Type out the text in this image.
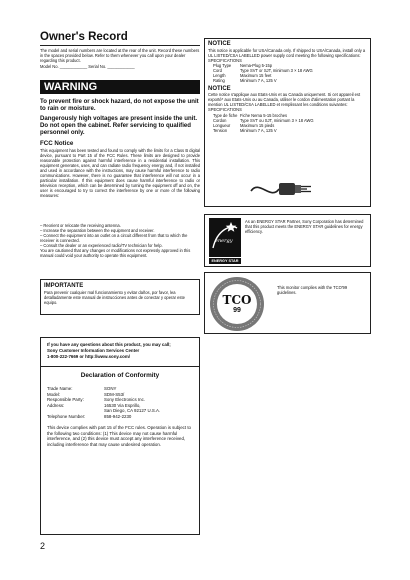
Owner's Record
The model and serial numbers are located at the rear of the unit. Record these numbers in the spaces provided below. Refer to them whenever you call upon your dealer regarding this product.
Model No. ____________ Serial No. ____________
WARNING
To prevent fire or shock hazard, do not expose the unit to rain or moisture.
Dangerously high voltages are present inside the unit. Do not open the cabinet. Refer servicing to qualified personnel only.
FCC Notice
This equipment has been tested and found to comply with the limits for a Class B digital device, pursuant to Part 15 of the FCC Rules. These limits are designed to provide reasonable protection against harmful interference in a residential installation. This equipment generates, uses, and can radiate radio frequency energy and, if not installed and used in accordance with the instructions, may cause harmful interference to radio communications. However, there is no guarantee that interference will not occur in a particular installation. If this equipment does cause harmful interference to radio or television reception, which can be determined by turning the equipment off and on, the user is encouraged to try to correct the interference by one or more of the following measures:
– Reorient or relocate the receiving antenna.
– Increase the separation between the equipment and receiver.
– Connect the equipment into an outlet on a circuit different from that to which the receiver is connected.
– Consult the dealer or an experienced radio/TV technician for help.
You are cautioned that any changes or modifications not expressly approved in this manual could void your authority to operate this equipment.
IMPORTANTE
Para prevenir cualquier mal funcionamiento y evitar daños, por favor, lea detalladamente este manual de instrucciones antes de conectar y operar este equipo.
NOTICE
This notice is applicable for USA/Canada only. If shipped to USA/Canada, install only a UL LISTED/CSA LABELLED power supply cord meeting the following specifications:
SPECIFICATIONS
Plug Type	Nema-Plug 5-15p
Cord	Type SVT or SJT, minimum 3 × 18 AWG
Length	Maximum 15 feet
Rating	Minimum 7 A, 125 V
NOTICE
Cette notice s'applique aux Etats-Unis et au Canada uniquement. Si cet appareil est exporté* aux Etats-Unis ou au Canada, utiliser le cordon d'alimentation portant la mention UL LISTED/CSA LABELLED et remplissant les conditions suivantes:
SPECIFICATIONS
Type de fiche Fiche Nema 5-15 broches
Cordon	Type SVT ou SJT, minimum 3 × 18 AWG
Longueur	Maximum 15 pieds
Tension	Minimum 7 A, 125 V
energy
ENERGY STAR
As an ENERGY STAR Partner, Sony Corporation has determined that this product meets the ENERGY STAR guidelines for energy efficiency.
TCO
99
This monitor complies with the TCO'99 guidelines.
If you have any questions about this product, you may call;
Sony Customer Information Services Center
1-800-222-7669 or http://www.sony.com/
Declaration of Conformity
Trade Name:	SONY
Model:	SDM-S53/
Responsible Party:	Sony Electronics Inc.
Address:	16530 Via Esprillo,
San Diego, CA 92127 U.S.A.
Telephone Number:	858-942-2230
This device complies with part 15 of the FCC rules. Operation is subject to the following two conditions: (1) This device may not cause harmful interference, and (2) this device must accept any interference received, including interference that may cause undesired operation.
2
